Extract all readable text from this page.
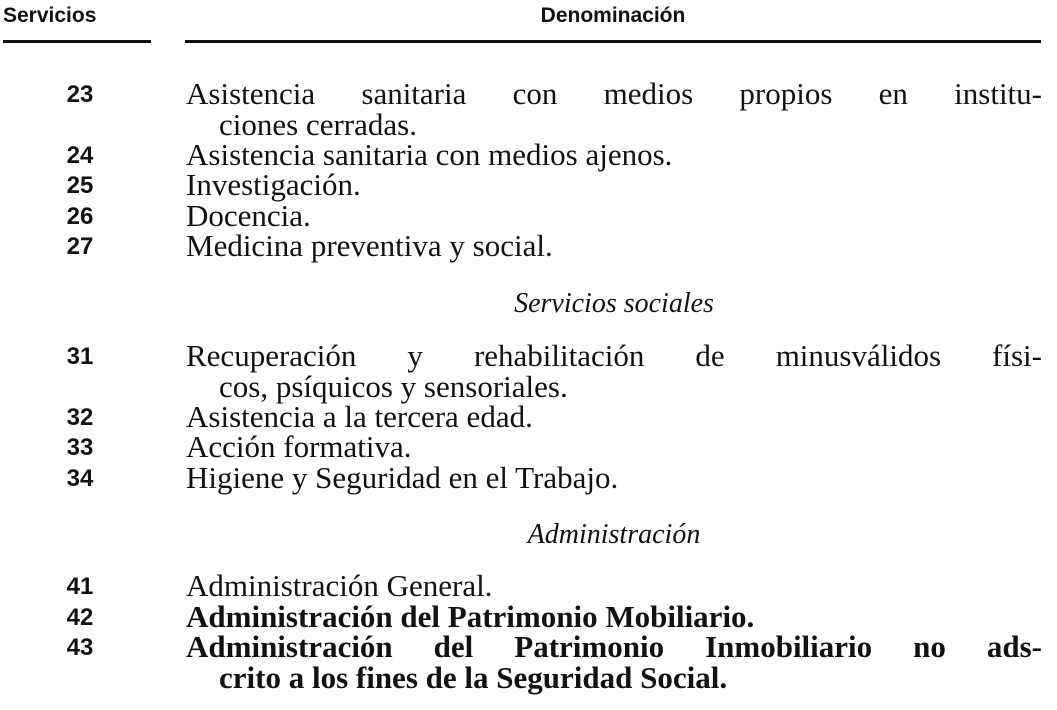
Servicios	Denominación
23	Asistencia sanitaria con medios propios en institu-
ciones cerradas.
24	Asistencia sanitaria con medios ajenos.
25	Investigación.
26	Docencia.
27	Medicina preventiva y social.
Servicios sociales
31	Recuperación y rehabilitación de minusválidos físi-
cos, psíquicos y sensoriales.
32	Asistencia a la tercera edad.
33	Acción formativa.
34	Higiene y Seguridad en el Trabajo.
Administración
41	Administración General.
42	Administración del Patrimonio Mobiliario.
43	Administración del Patrimonio Inmobiliario no ads-
crito a los fines de la Seguridad Social.
